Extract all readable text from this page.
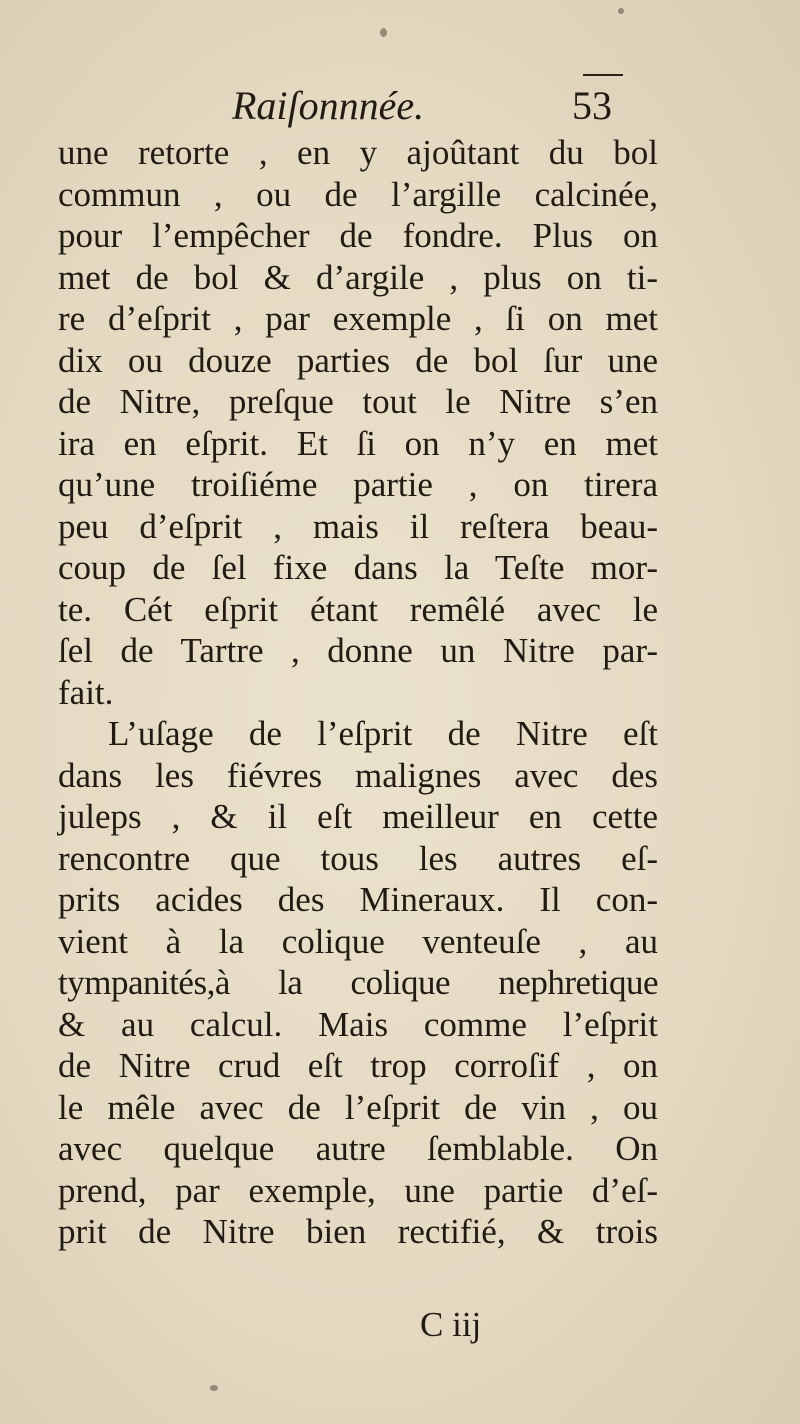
Raiſonnnée.	53
une retorte , en y ajoûtant du bol
commun , ou de l’argille calcinée,
pour l’empêcher de fondre. Plus on
met de bol & d’argile , plus on ti-
re d’eſprit , par exemple , ſi on met
dix ou douze parties de bol ſur une
de Nitre, preſque tout le Nitre s’en
ira en eſprit. Et ſi on n’y en met
qu’une troiſiéme partie , on tirera
peu d’eſprit , mais il reſtera beau-
coup de ſel fixe dans la Teſte mor-
te. Cét eſprit étant remêlé avec le
ſel de Tartre , donne un Nitre par-
fait.
L’uſage de l’eſprit de Nitre eſt
dans les fiévres malignes avec des
juleps , & il eſt meilleur en cette
rencontre que tous les autres eſ-
prits acides des Mineraux. Il con-
vient à la colique venteuſe , au
tympanités,à la colique nephretique
& au calcul. Mais comme l’eſprit
de Nitre crud eſt trop corroſif , on
le mêle avec de l’eſprit de vin , ou
avec quelque autre ſemblable. On
prend, par exemple, une partie d’eſ-
prit de Nitre bien rectifié, & trois
C iij
